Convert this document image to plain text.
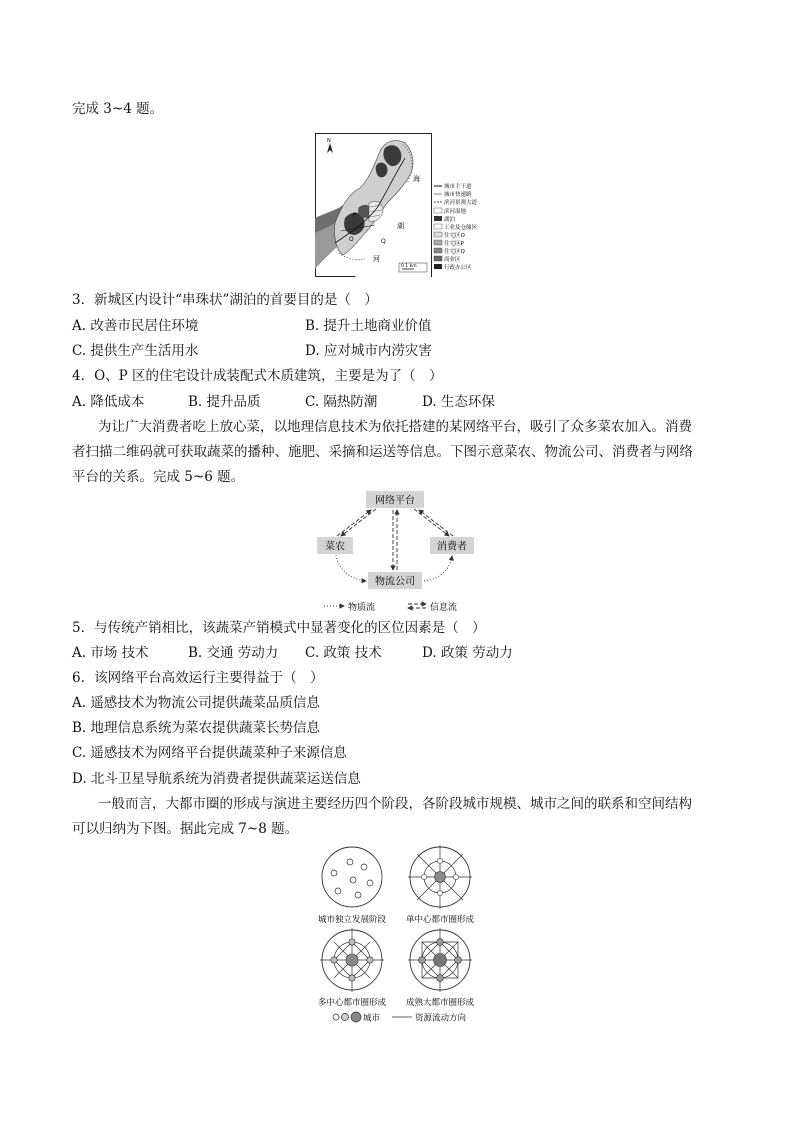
完成 3~4 题。
N
P
O	Q
海
湖
河
0 1 km
城市主干道
城市快速路
滨河景观大道
滨河湿地
湖泊
工业及仓储区
住宅区O
住宅区P
住宅区Q
商业区
行政办公区
3．新城区内设计“串珠状”湖泊的首要目的是（　）
A. 改善市民居住环境	B. 提升土地商业价值
C. 提供生产生活用水	D. 应对城市内涝灾害
4．O、P 区的住宅设计成装配式木质建筑，主要是为了（　）
A. 降低成本	B. 提升品质	C. 隔热防潮	D. 生态环保
为让广大消费者吃上放心菜，以地理信息技术为依托搭建的某网络平台，吸引了众多菜农加入。消费
者扫描二维码就可获取蔬菜的播种、施肥、采摘和运送等信息。下图示意菜农、物流公司、消费者与网络
平台的关系。完成 5~6 题。
网络平台
菜农	消费者
物流公司
物质流	信息流
5．与传统产销相比，该蔬菜产销模式中显著变化的区位因素是（　）
A. 市场 技术	B. 交通 劳动力 C. 政策 技术	D. 政策 劳动力
6．该网络平台高效运行主要得益于（　）
A. 遥感技术为物流公司提供蔬菜品质信息
B. 地理信息系统为菜农提供蔬菜长势信息
C. 遥感技术为网络平台提供蔬菜种子来源信息
D. 北斗卫星导航系统为消费者提供蔬菜运送信息
一般而言，大都市圈的形成与演进主要经历四个阶段，各阶段城市规模、城市之间的联系和空间结构
可以归纳为下图。据此完成 7~8 题。
城市独立发展阶段 单中心都市圈形成
多中心都市圈形成 成熟大都市圈形成
城市	资源流动方向
